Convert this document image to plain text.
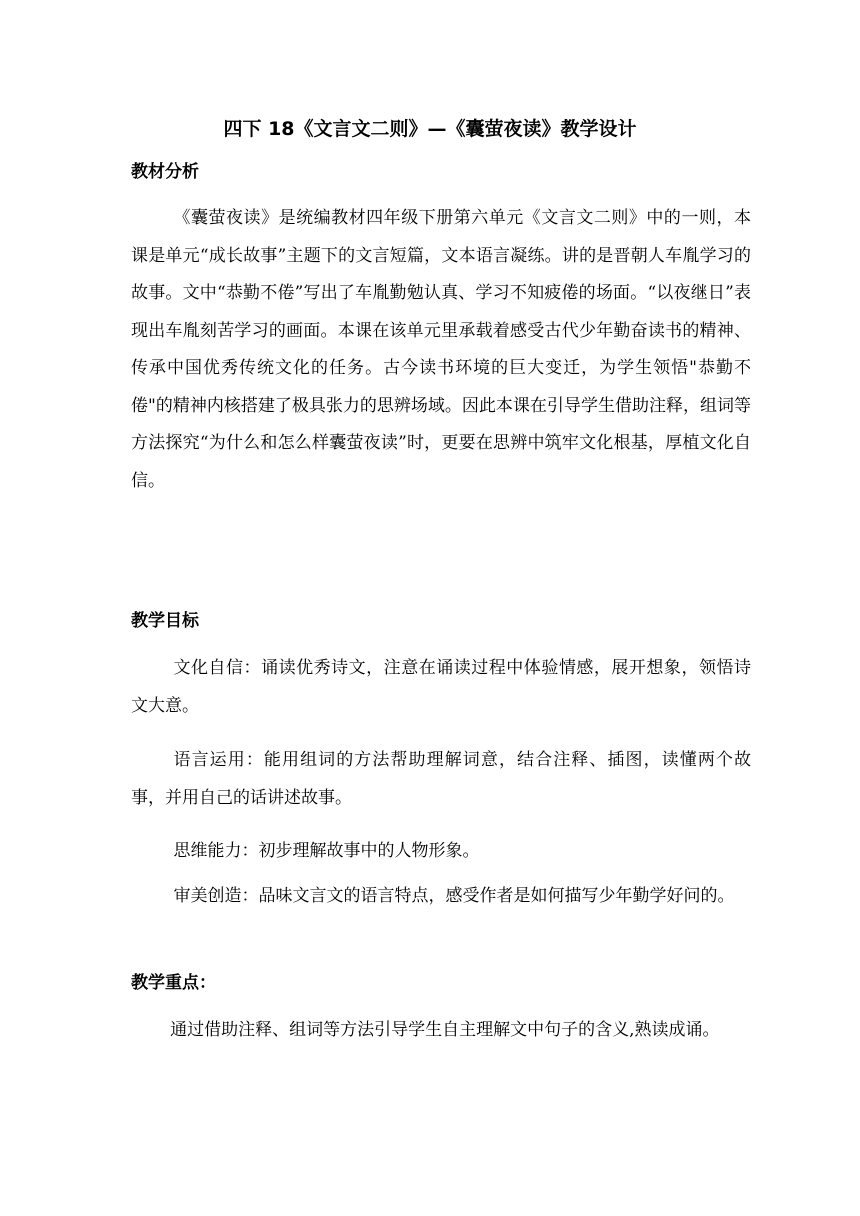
四下 18《文言文二则》—《囊萤夜读》教学设计
教材分析
《囊萤夜读》是统编教材四年级下册第六单元《文言文二则》中的一则，本课是单元“成长故事”主题下的文言短篇，文本语言凝练。讲的是晋朝人车胤学习的故事。文中“恭勤不倦”写出了车胤勤勉认真、学习不知疲倦的场面。“以夜继日”表现出车胤刻苦学习的画面。本课在该单元里承载着感受古代少年勤奋读书的精神、传承中国优秀传统文化的任务。古今读书环境的巨大变迁，为学生领悟"恭勤不倦"的精神内核搭建了极具张力的思辨场域。因此本课在引导学生借助注释，组词等方法探究“为什么和怎么样囊萤夜读”时，更要在思辨中筑牢文化根基，厚植文化自信。
教学目标
文化自信：诵读优秀诗文，注意在诵读过程中体验情感，展开想象，领悟诗文大意。
语言运用：能用组词的方法帮助理解词意，结合注释、插图，读懂两个故事，并用自己的话讲述故事。
思维能力：初步理解故事中的人物形象。
审美创造：品味文言文的语言特点，感受作者是如何描写少年勤学好问的。
教学重点：
通过借助注释、组词等方法引导学生自主理解文中句子的含义,熟读成诵。
